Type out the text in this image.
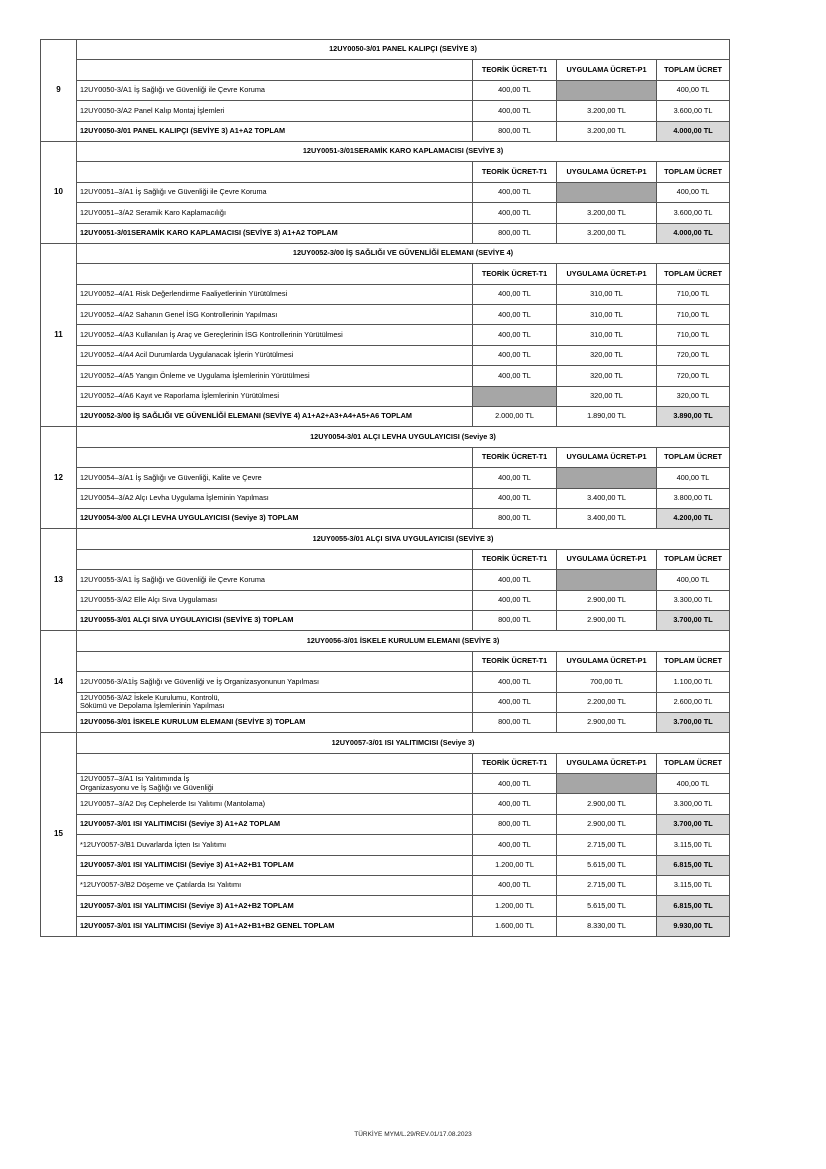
9	12UY0050-3/01 PANEL KALIPÇI (SEVİYE 3)			
		TEORİK ÜCRET-T1	UYGULAMA ÜCRET-P1	TOPLAM ÜCRET
	12UY0050-3/A1 İş Sağlığı ve Güvenliği ile Çevre Koruma	400,00 TL		400,00 TL
	12UY0050-3/A2 Panel Kalıp Montaj İşlemleri	400,00 TL	3.200,00 TL	3.600,00 TL
	12UY0050-3/01 PANEL KALIPÇI (SEVİYE 3) A1+A2 TOPLAM	800,00 TL	3.200,00 TL	4.000,00 TL
10	12UY0051-3/01SERAMİK KARO KAPLAMACISI (SEVİYE 3)			
		TEORİK ÜCRET-T1	UYGULAMA ÜCRET-P1	TOPLAM ÜCRET
	12UY0051–3/A1 İş Sağlığı ve Güvenliği ile Çevre Koruma	400,00 TL		400,00 TL
	12UY0051–3/A2 Seramik Karo Kaplamacılığı	400,00 TL	3.200,00 TL	3.600,00 TL
	12UY0051-3/01SERAMİK KARO KAPLAMACISI (SEVİYE 3) A1+A2 TOPLAM	800,00 TL	3.200,00 TL	4.000,00 TL
11	12UY0052-3/00 İŞ SAĞLIĞI VE GÜVENLİĞİ ELEMANI (SEVİYE 4)			
		TEORİK ÜCRET-T1	UYGULAMA ÜCRET-P1	TOPLAM ÜCRET
	12UY0052–4/A1 Risk Değerlendirme Faaliyetlerinin Yürütülmesi	400,00 TL	310,00 TL	710,00 TL
	12UY0052–4/A2 Sahanın Genel İSG Kontrollerinin Yapılması	400,00 TL	310,00 TL	710,00 TL
	12UY0052–4/A3 Kullanılan İş Araç ve Gereçlerinin İSG Kontrollerinin Yürütülmesi	400,00 TL	310,00 TL	710,00 TL
	12UY0052–4/A4 Acil Durumlarda Uygulanacak İşlerin Yürütülmesi	400,00 TL	320,00 TL	720,00 TL
	12UY0052–4/A5 Yangın Önleme ve Uygulama İşlemlerinin Yürütülmesi	400,00 TL	320,00 TL	720,00 TL
	12UY0052–4/A6 Kayıt ve Raporlama İşlemlerinin Yürütülmesi		320,00 TL	320,00 TL
	12UY0052-3/00 İŞ SAĞLIĞI VE GÜVENLİĞİ ELEMANI (SEVİYE 4) A1+A2+A3+A4+A5+A6 TOPLAM	2.000,00 TL	1.890,00 TL	3.890,00 TL
12	12UY0054-3/01 ALÇI LEVHA UYGULAYICISI (Seviye 3)			
		TEORİK ÜCRET-T1	UYGULAMA ÜCRET-P1	TOPLAM ÜCRET
	12UY0054–3/A1 İş Sağlığı ve Güvenliği, Kalite ve Çevre	400,00 TL		400,00 TL
	12UY0054–3/A2 Alçı Levha Uygulama İşleminin Yapılması	400,00 TL	3.400,00 TL	3.800,00 TL
	12UY0054-3/00 ALÇI LEVHA UYGULAYICISI (Seviye 3) TOPLAM	800,00 TL	3.400,00 TL	4.200,00 TL
13	12UY0055-3/01 ALÇI SIVA UYGULAYICISI (SEVİYE 3)			
		TEORİK ÜCRET-T1	UYGULAMA ÜCRET-P1	TOPLAM ÜCRET
	12UY0055-3/A1 İş Sağlığı ve Güvenliği ile Çevre Koruma	400,00 TL		400,00 TL
	12UY0055-3/A2 Elle Alçı Sıva Uygulaması	400,00 TL	2.900,00 TL	3.300,00 TL
	12UY0055-3/01 ALÇI SIVA UYGULAYICISI (SEVİYE 3) TOPLAM	800,00 TL	2.900,00 TL	3.700,00 TL
14	12UY0056-3/01 İSKELE KURULUM ELEMANI (SEVİYE 3)			
		TEORİK ÜCRET-T1	UYGULAMA ÜCRET-P1	TOPLAM ÜCRET
	12UY0056-3/A1İş Sağlığı ve Güvenliği ve İş Organizasyonunun Yapılması	400,00 TL	700,00 TL	1.100,00 TL
	12UY0056-3/A2 İskele Kurulumu, Kontrolü,
Sökümü ve Depolama İşlemlerinin Yapılması	400,00 TL	2.200,00 TL	2.600,00 TL
	12UY0056-3/01 İSKELE KURULUM ELEMANI (SEVİYE 3) TOPLAM	800,00 TL	2.900,00 TL	3.700,00 TL
15	12UY0057-3/01 ISI YALITIMCISI (Seviye 3)			
		TEORİK ÜCRET-T1	UYGULAMA ÜCRET-P1	TOPLAM ÜCRET
	12UY0057–3/A1 Isı Yalıtımında İş
Organizasyonu ve İş Sağlığı ve Güvenliği	400,00 TL		400,00 TL
	12UY0057–3/A2 Dış Cephelerde Isı Yalıtımı (Mantolama)	400,00 TL	2.900,00 TL	3.300,00 TL
	12UY0057-3/01 ISI YALITIMCISI (Seviye 3) A1+A2 TOPLAM	800,00 TL	2.900,00 TL	3.700,00 TL
	*12UY0057-3/B1 Duvarlarda İçten Isı Yalıtımı	400,00 TL	2.715,00 TL	3.115,00 TL
	12UY0057-3/01 ISI YALITIMCISI (Seviye 3) A1+A2+B1 TOPLAM	1.200,00 TL	5.615,00 TL	6.815,00 TL
	*12UY0057-3/B2 Döşeme ve Çatılarda Isı Yalıtımı	400,00 TL	2.715,00 TL	3.115,00 TL
	12UY0057-3/01 ISI YALITIMCISI (Seviye 3) A1+A2+B2 TOPLAM	1.200,00 TL	5.615,00 TL	6.815,00 TL
	12UY0057-3/01 ISI YALITIMCISI (Seviye 3) A1+A2+B1+B2 GENEL TOPLAM	1.600,00 TL	8.330,00 TL	9.930,00 TL
TÜRKİYE MYM/L.29/REV.01/17.08.2023
